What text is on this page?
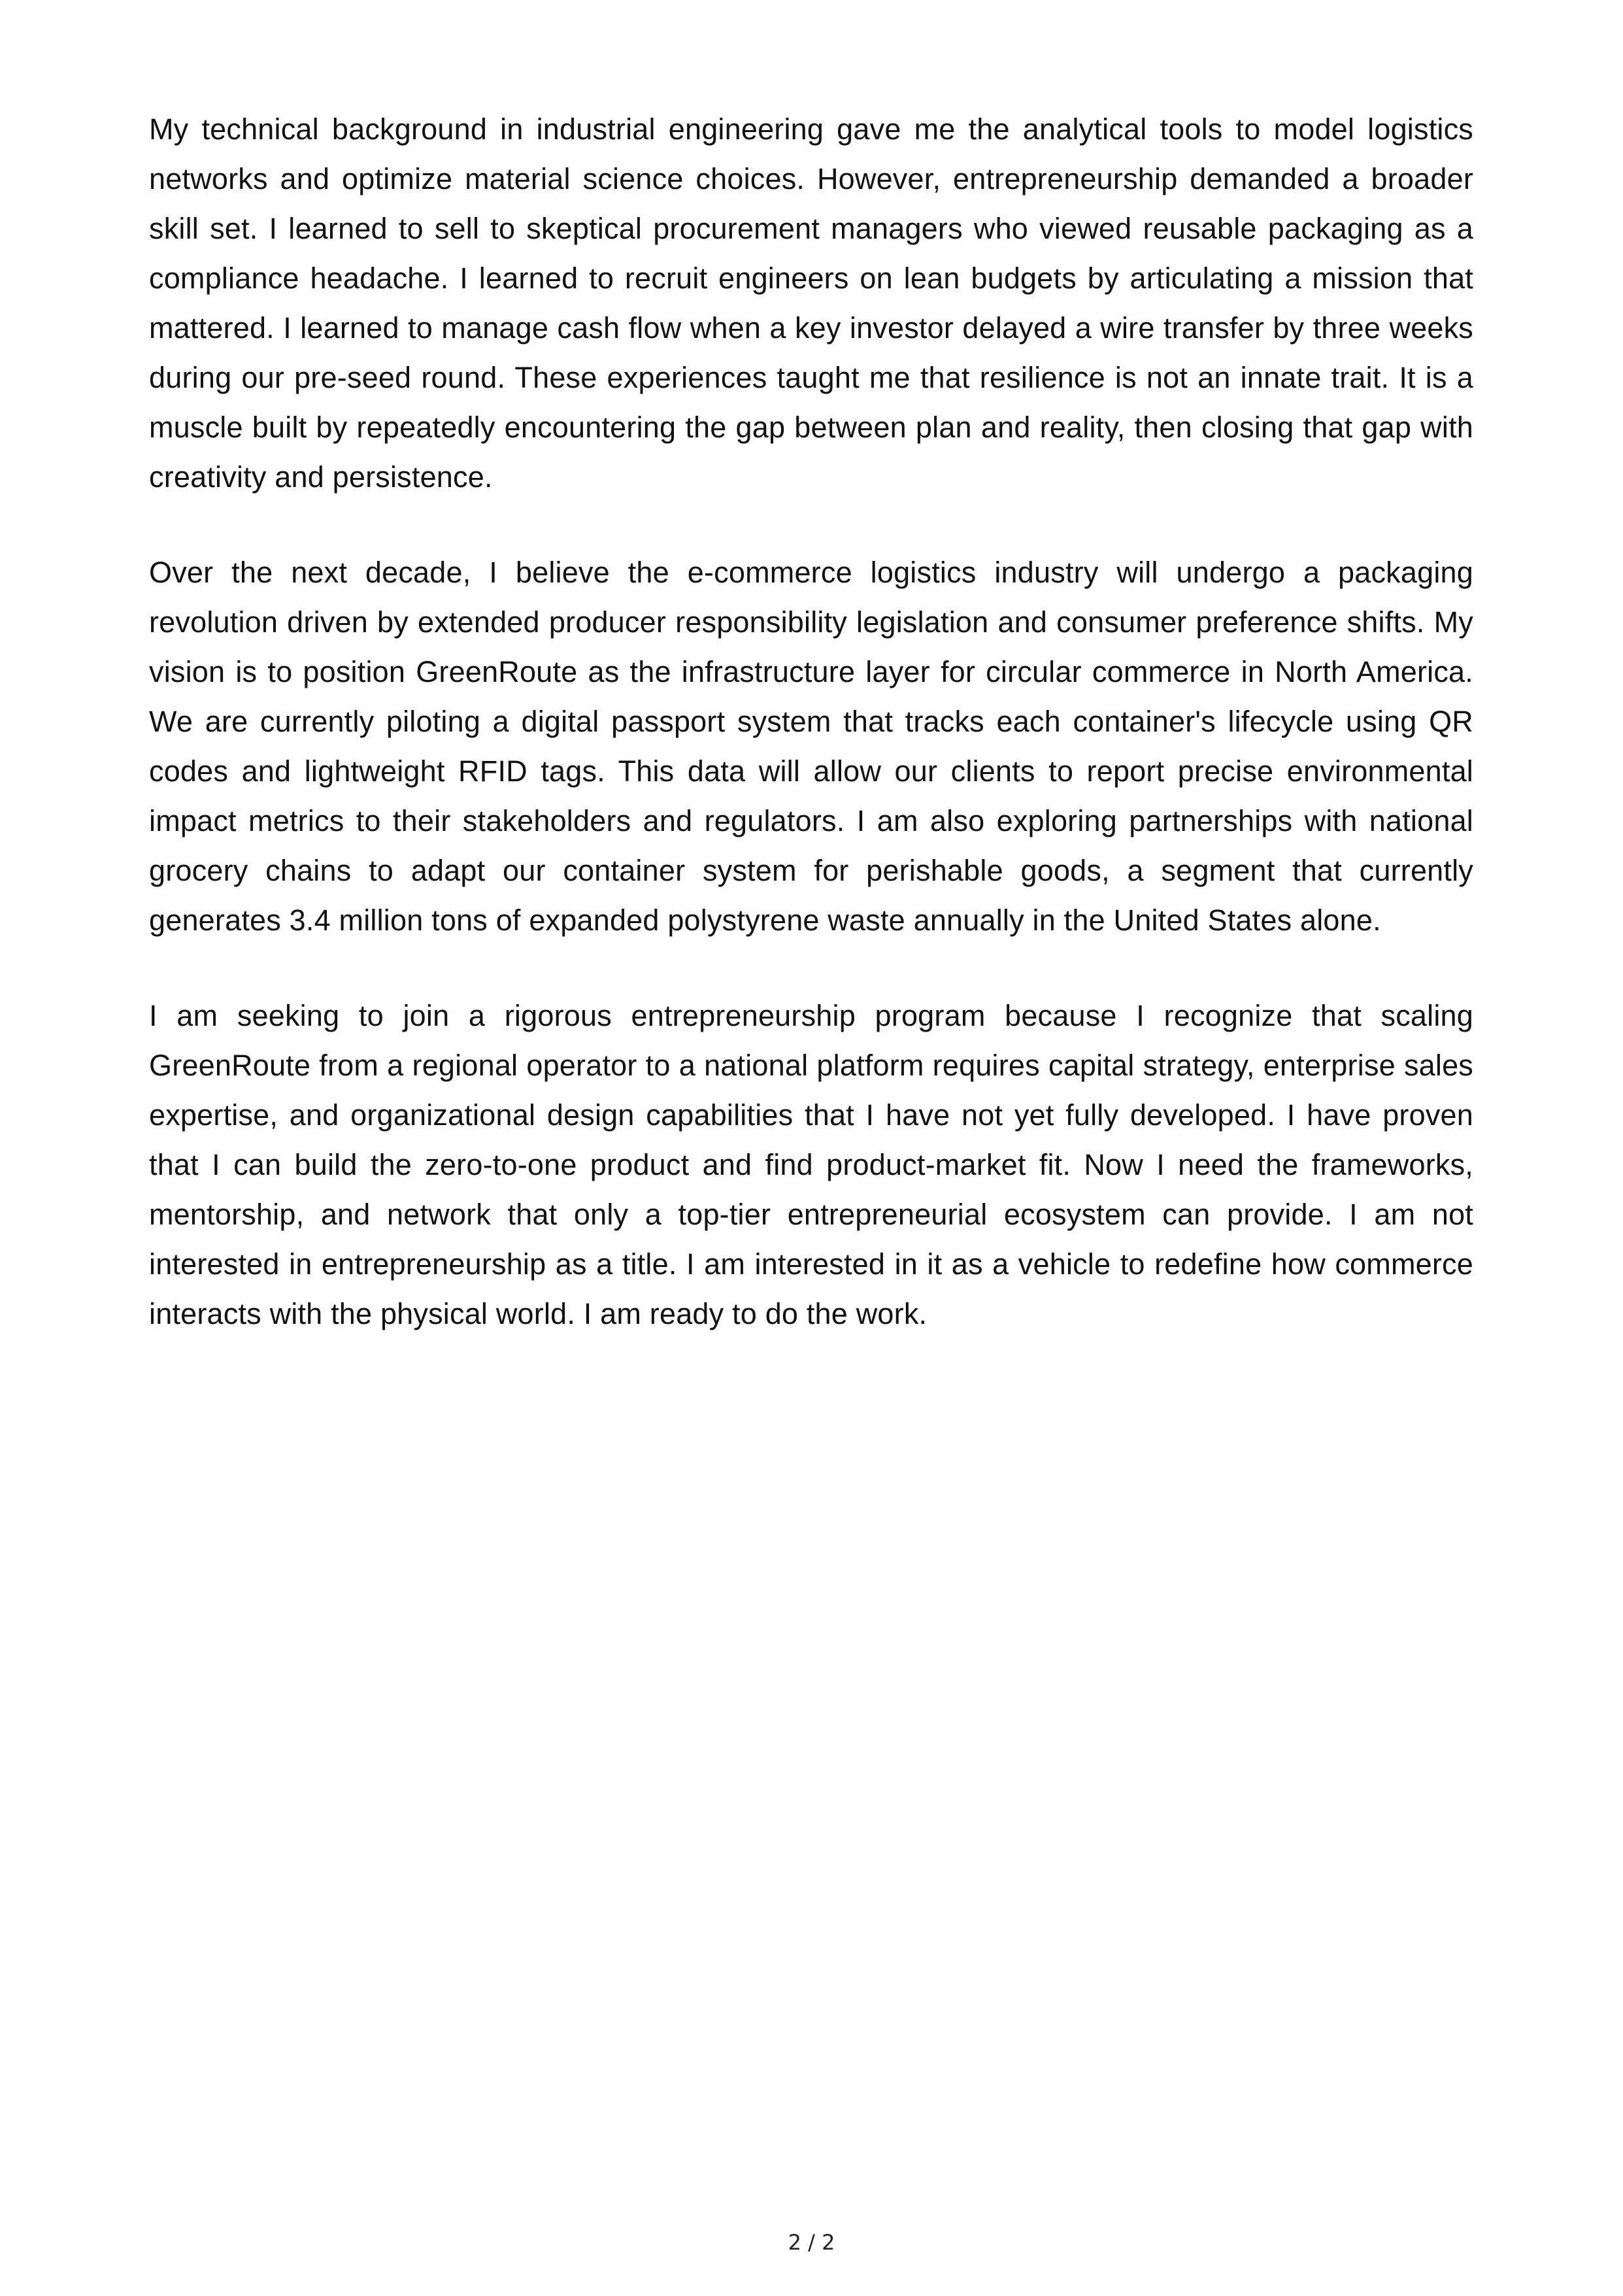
My technical background in industrial engineering gave me the analytical tools to model logistics networks and optimize material science choices. However, entrepreneurship demanded a broader skill set. I learned to sell to skeptical procurement managers who viewed reusable packaging as a compliance headache. I learned to recruit engineers on lean budgets by articulating a mission that mattered. I learned to manage cash flow when a key investor delayed a wire transfer by three weeks during our pre-seed round. These experiences taught me that resilience is not an innate trait. It is a muscle built by repeatedly encountering the gap between plan and reality, then closing that gap with creativity and persistence.

Over the next decade, I believe the e-commerce logistics industry will undergo a packaging revolution driven by extended producer responsibility legislation and consumer preference shifts. My vision is to position GreenRoute as the infrastructure layer for circular commerce in North America. We are currently piloting a digital passport system that tracks each container's lifecycle using QR codes and lightweight RFID tags. This data will allow our clients to report precise environmental impact metrics to their stakeholders and regulators. I am also exploring partnerships with national grocery chains to adapt our container system for perishable goods, a segment that currently generates 3.4 million tons of expanded polystyrene waste annually in the United States alone.

I am seeking to join a rigorous entrepreneurship program because I recognize that scaling GreenRoute from a regional operator to a national platform requires capital strategy, enterprise sales expertise, and organizational design capabilities that I have not yet fully developed. I have proven that I can build the zero-to-one product and find product-market fit. Now I need the frameworks, mentorship, and network that only a top-tier entrepreneurial ecosystem can provide. I am not interested in entrepreneurship as a title. I am interested in it as a vehicle to redefine how commerce interacts with the physical world. I am ready to do the work.

2 / 2
